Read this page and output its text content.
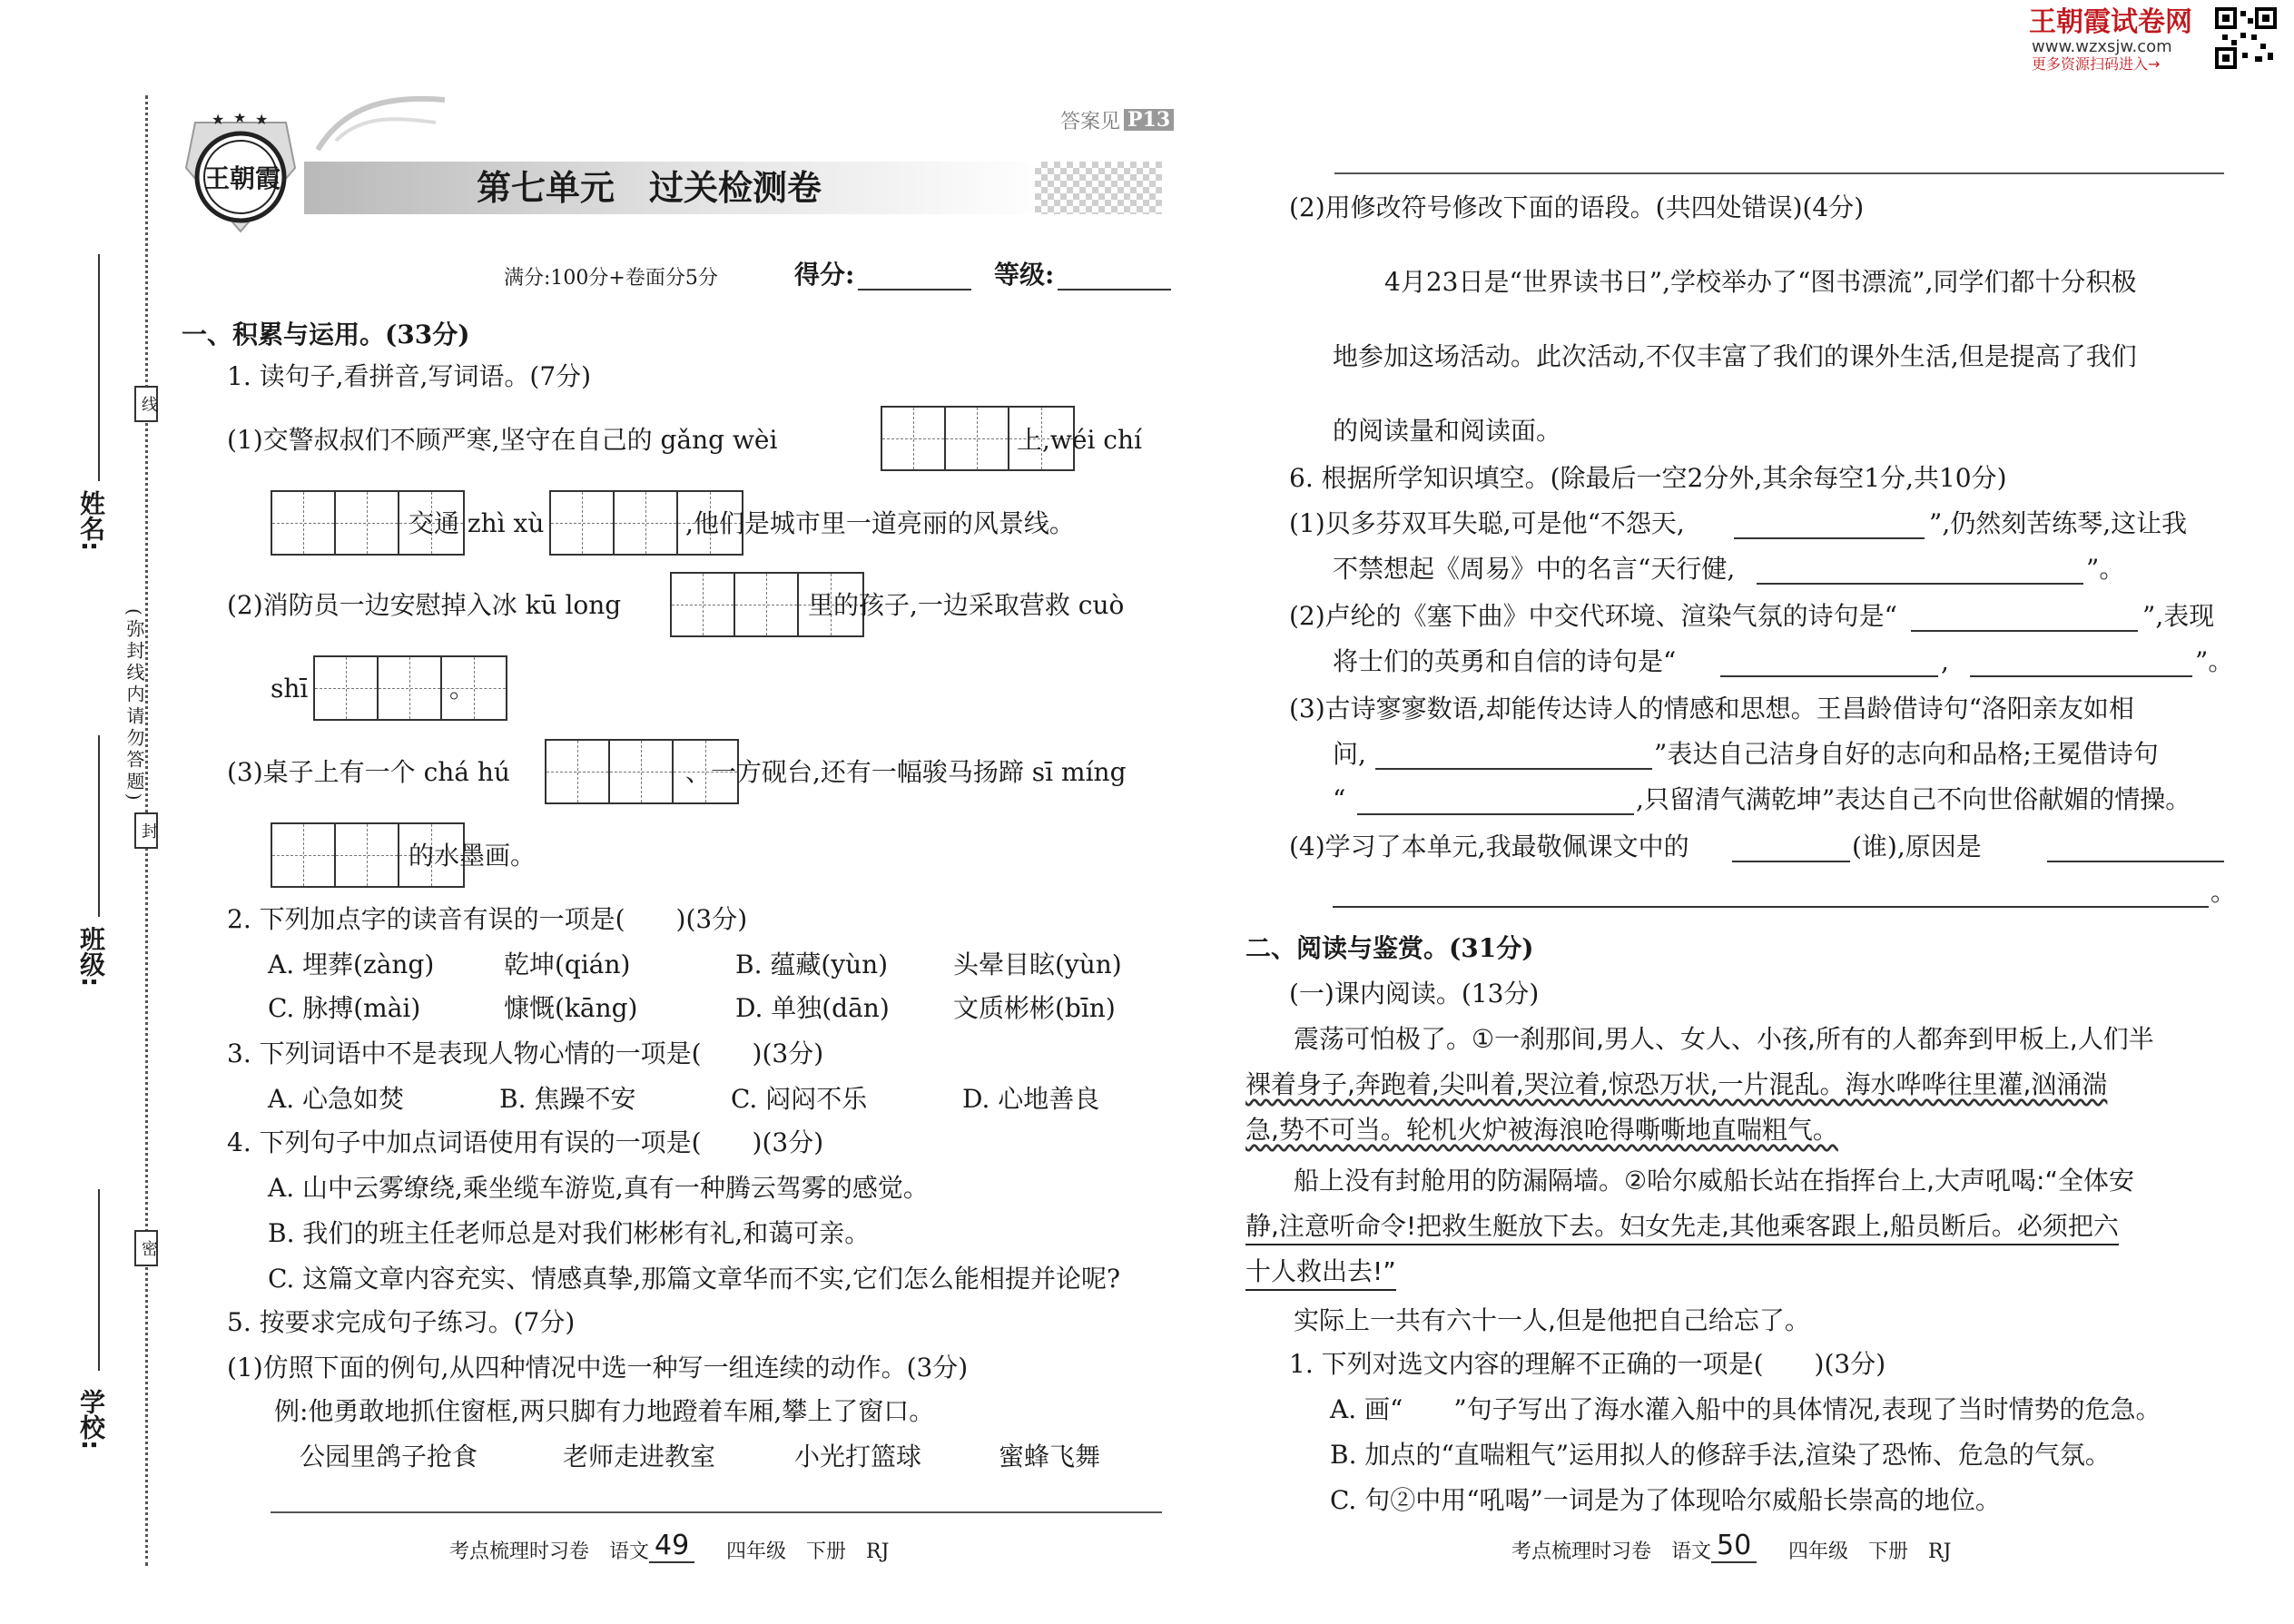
姓名:
班级:
学校:
线
封
密
(弥封线内请勿答题)
★ ★ ★
王朝霞	第七单元　过关检测卷
答案见 P13
满分:100分+卷面分5分	得分:	等级:
王朝霞试卷网
www.wzxsjw.com
更多资源扫码进入→
一、积累与运用。(33分)
1. 读句子,看拼音,写词语。(7分)
(1)交警叔叔们不顾严寒,坚守在自己的 gǎng wèi	上,wéi chí
交通 zhì xù	,他们是城市里一道亮丽的风景线。
(2)消防员一边安慰掉入冰 kū long	里的孩子,一边采取营救 cuò
shī	。
(3)桌子上有一个 chá hú	、一方砚台,还有一幅骏马扬蹄 sī míng
的水墨画。
2. 下列加点字的读音有误的一项是(　　)(3分)
A. 埋葬(zàng)	乾坤(qián)	B. 蕴藏(yùn)	头晕目眩(yùn)
C. 脉搏(mài)	慷慨(kāng)	D. 单独(dān)	文质彬彬(bīn)
3. 下列词语中不是表现人物心情的一项是(　　)(3分)
A. 心急如焚	B. 焦躁不安	C. 闷闷不乐	D. 心地善良
4. 下列句子中加点词语使用有误的一项是(　　)(3分)
A. 山中云雾缭绕,乘坐缆车游览,真有一种腾云驾雾的感觉。
B. 我们的班主任老师总是对我们彬彬有礼,和蔼可亲。
C. 这篇文章内容充实、情感真挚,那篇文章华而不实,它们怎么能相提并论呢?
5. 按要求完成句子练习。(7分)
(1)仿照下面的例句,从四种情况中选一种写一组连续的动作。(3分)
例:他勇敢地抓住窗框,两只脚有力地蹬着车厢,攀上了窗口。
公园里鸽子抢食	老师走进教室	小光打篮球	蜜蜂飞舞
考点梳理时习卷　语文 49 四年级　下册　RJ
(2)用修改符号修改下面的语段。(共四处错误)(4分)
4月23日是“世界读书日”,学校举办了“图书漂流”,同学们都十分积极
地参加这场活动。此次活动,不仅丰富了我们的课外生活,但是提高了我们
的阅读量和阅读面。
6. 根据所学知识填空。(除最后一空2分外,其余每空1分,共10分)
(1)贝多芬双耳失聪,可是他“不怨天,	”,仍然刻苦练琴,这让我
不禁想起《周易》中的名言“天行健,	”。
(2)卢纶的《塞下曲》中交代环境、渲染气氛的诗句是“	”,表现
将士们的英勇和自信的诗句是“	,	”。
(3)古诗寥寥数语,却能传达诗人的情感和思想。王昌龄借诗句“洛阳亲友如相
问,	”表达自己洁身自好的志向和品格;王冕借诗句
“	,只留清气满乾坤”表达自己不向世俗献媚的情操。
(4)学习了本单元,我最敬佩课文中的	(谁),原因是
。
二、阅读与鉴赏。(31分)
(一)课内阅读。(13分)
震荡可怕极了。①一刹那间,男人、女人、小孩,所有的人都奔到甲板上,人们半
裸着身子,奔跑着,尖叫着,哭泣着,惊恐万状,一片混乱。海水哗哗往里灌,汹涌湍
急,势不可当。轮机火炉被海浪呛得嘶嘶地直喘粗气。
船上没有封舱用的防漏隔墙。②哈尔威船长站在指挥台上,大声吼喝:“全体安
静,注意听命令!把救生艇放下去。妇女先走,其他乘客跟上,船员断后。必须把六
十人救出去!”
实际上一共有六十一人,但是他把自己给忘了。
1. 下列对选文内容的理解不正确的一项是(　　)(3分)
A. 画“　　”句子写出了海水灌入船中的具体情况,表现了当时情势的危急。
B. 加点的“直喘粗气”运用拟人的修辞手法,渲染了恐怖、危急的气氛。
C. 句②中用“吼喝”一词是为了体现哈尔威船长崇高的地位。
考点梳理时习卷　语文 50 四年级　下册　RJ
